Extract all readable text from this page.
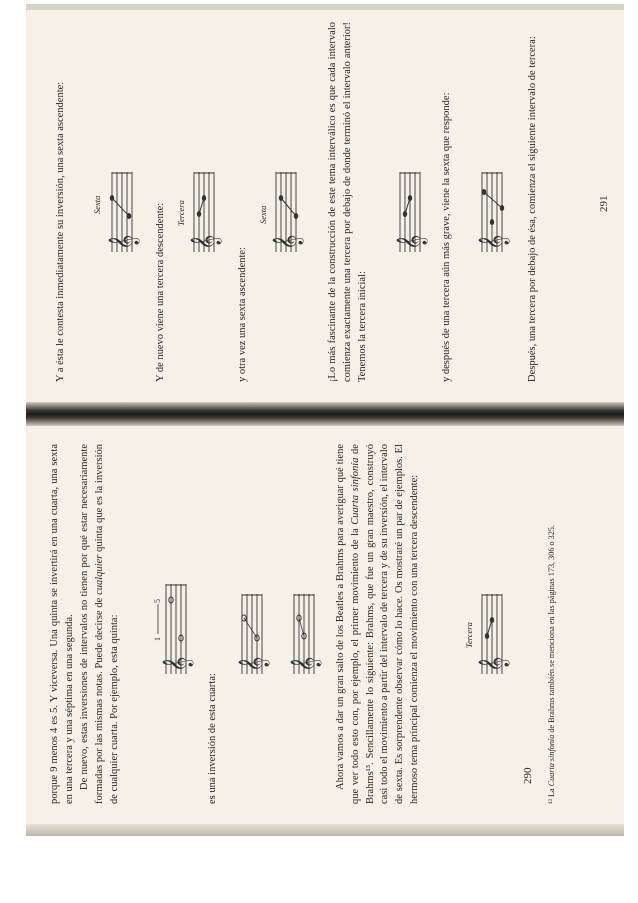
Y a ésta le contesta inmediatamente su inversión, una sexta ascendente: 𝄞
Sexta	Y de nuevo viene una tercera descendente: 𝄞
Tercera

y otra vez una sexta ascendente:

𝄞
Sexta	¡Lo más fascinante de la construcción de este tema interválico es que cada intervalo comienza exactamente una tercera por debajo de donde terminó el intervalo anterior! Tenemos la tercera inicial:

𝄞 y después de una tercera aún más grave, viene la sexta que responde: 𝄞 Después, una tercera por debajo de ésa, comienza el siguiente intervalo de tercera:	291

porque 9 menos 4 es 5. Y viceversa. Una quinta se invertirá en una cuarta, una sexta en una tercera y una séptima en una segunda. De nuevo, estas inversiones de intervalos no tienen por qué estar necesariamente formadas por las mismas notas. Puede decirse de cualquier quinta que es la inversión de cualquier cuarta. Por ejemplo, esta quinta: 𝄞
1
5

es una inversión de esta cuarta:

𝄞 𝄞 Ahora vamos a dar un gran salto de los Beatles a Brahms para averiguar qué tiene que ver todo esto con, por ejemplo, el primer movimiento de la Cuarta sinfonía de Brahms¹³. Sencillamente lo siguiente: Brahms, que fue un gran maestro, construyó casi todo el movimiento a partir del intervalo de tercera y de su inversión, el intervalo de sexta. Es sorprendente observar cómo lo hace. Os mostraré un par de ejemplos. El hermoso tema principal comienza el movimiento con una tercera descendente: 𝄞
Tercera
290

¹³ La Cuarta sinfonía de Brahms también se menciona en las páginas 173, 306 o 325.
